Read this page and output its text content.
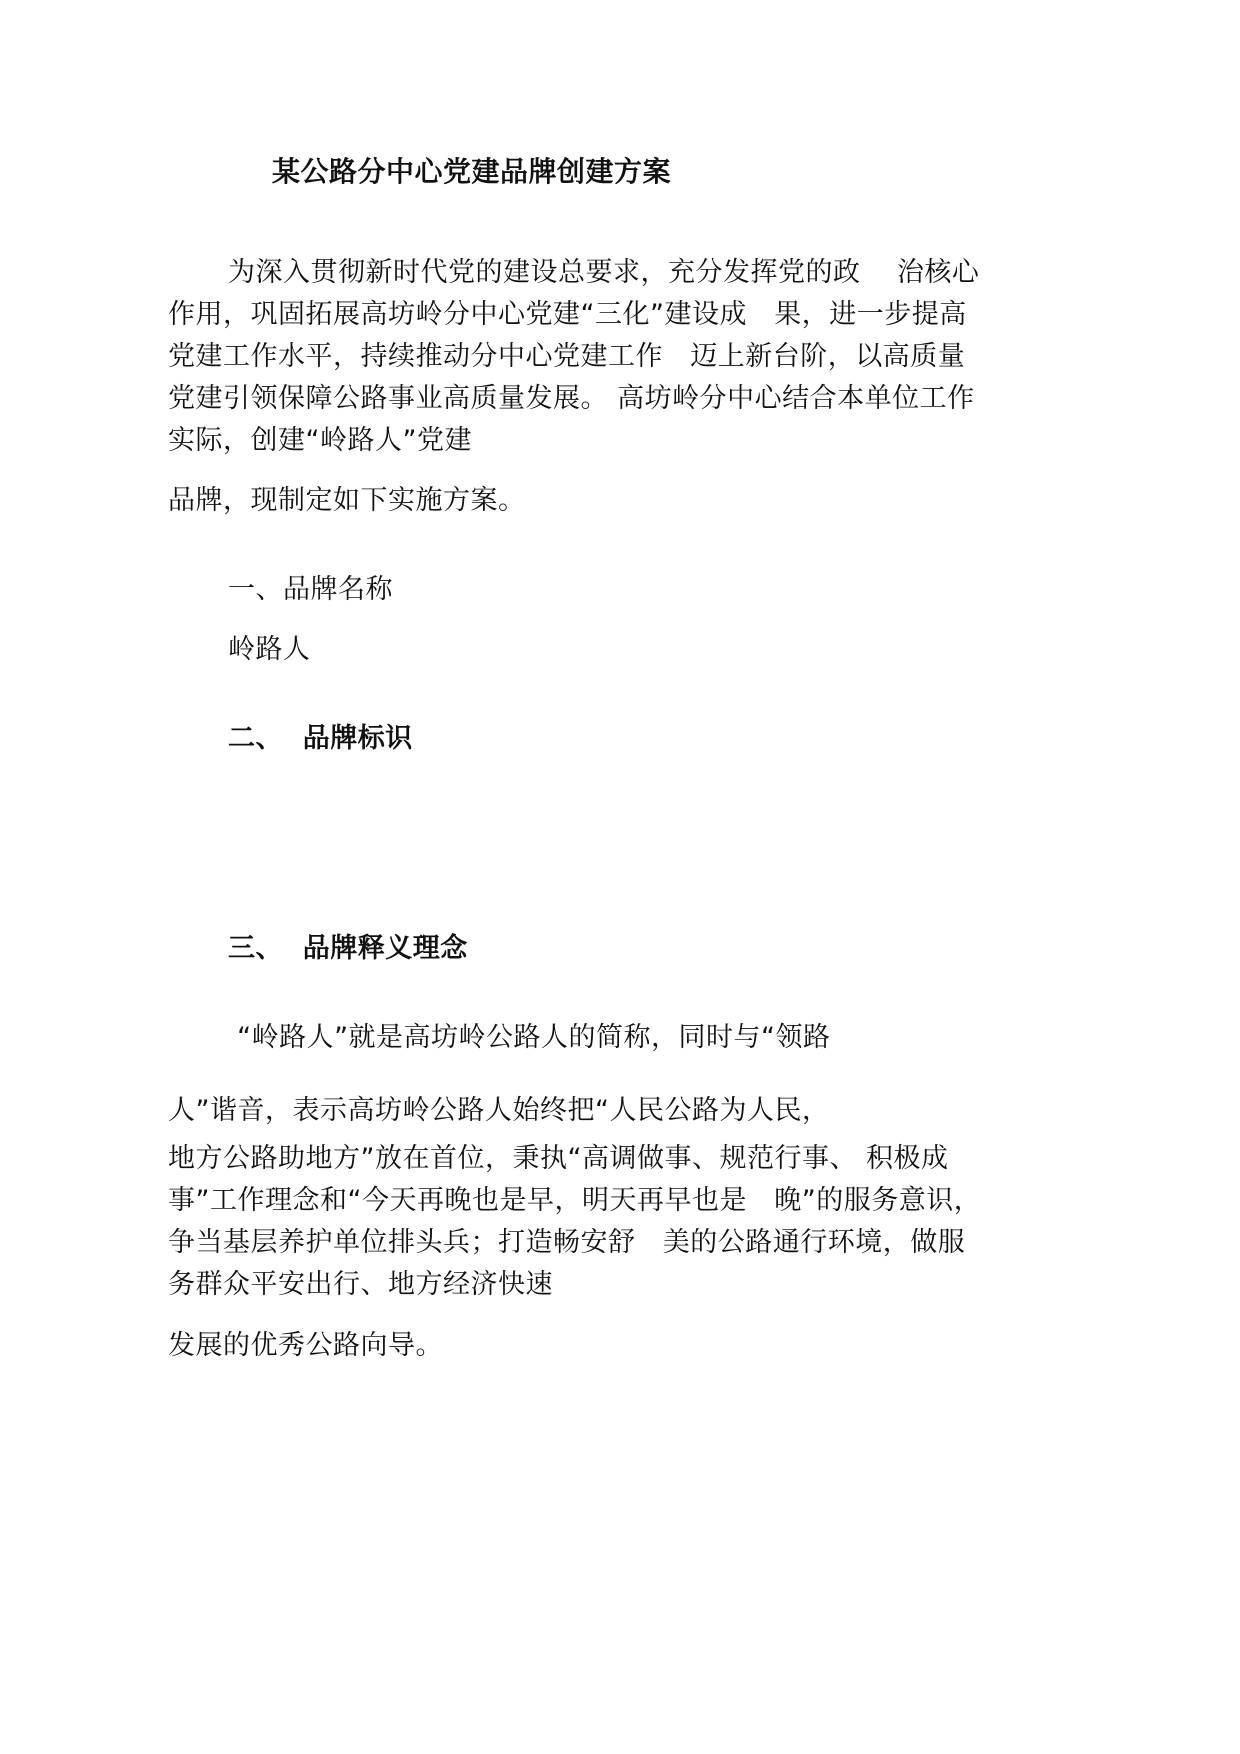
某公路分中心党建品牌创建方案
为深入贯彻新时代党的建设总要求，充分发挥党的政    治核心
作用，巩固拓展高坊岭分中心党建“三化”建设成   果，进一步提高
党建工作水平，持续推动分中心党建工作   迈上新台阶，以高质量
党建引领保障公路事业高质量发展。 高坊岭分中心结合本单位工作
实际，创建“岭路人”党建
品牌，现制定如下实施方案。
一、品牌名称
岭路人
二、  品牌标识
三、  品牌释义理念
“岭路人”就是高坊岭公路人的简称，同时与“领路
人”谐音，表示高坊岭公路人始终把“人民公路为人民，
地方公路助地方”放在首位，秉执“高调做事、规范行事、 积极成
事”工作理念和“今天再晚也是早，明天再早也是   晚”的服务意识，
争当基层养护单位排头兵；打造畅安舒   美的公路通行环境，做服
务群众平安出行、地方经济快速
发展的优秀公路向导。
